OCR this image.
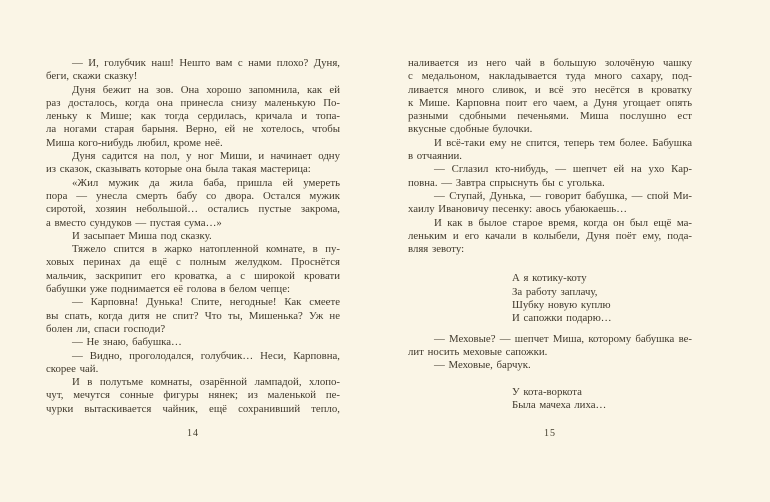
— И, голубчик наш! Нешто вам с нами плохо? Дуня,
беги, скажи сказку!
Дуня бежит на зов. Она хорошо запомнила, как ей
раз досталось, когда она принесла снизу маленькую По-
леньку к Мише; как тогда сердилась, кричала и топа-
ла ногами старая барыня. Верно, ей не хотелось, чтобы
Миша кого-нибудь любил, кроме неё.
Дуня садится на пол, у ног Миши, и начинает одну
из сказок, сказывать которые она была такая мастерица:
«Жил мужик да жила баба, пришла ей умереть
пора — унесла смерть бабу со двора. Остался мужик
сиротой, хозяин небольшой… остались пустые закрома,
а вместо сундуков — пустая сума…»
И засыпает Миша под сказку.
Тяжело спится в жарко натопленной комнате, в пу-
ховых перинах да ещё с полным желудком. Проснётся
мальчик, заскрипит его кроватка, а с широкой кровати
бабушки уже поднимается её голова в белом чепце:
— Карповна! Дунька! Спите, негодные! Как смеете
вы спать, когда дитя не спит? Что ты, Мишенька? Уж не
болен ли, спаси господи?
— Не знаю, бабушка…
— Видно, проголодался, голубчик… Неси, Карповна,
скорее чай.
И в полутьме комнаты, озарённой лампадой, хлопо-
чут, мечутся сонные фигуры нянек; из маленькой пе-
чурки вытаскивается чайник, ещё сохранивший тепло,
14
наливается из него чай в большую золочёную чашку
с медальоном, накладывается туда много сахару, под-
ливается много сливок, и всё это несётся в кроватку
к Мише. Карповна поит его чаем, а Дуня угощает опять
разными сдобными печеньями. Миша послушно ест
вкусные сдобные булочки.
И всё-таки ему не спится, теперь тем более. Бабушка
в отчаянии.
— Сглазил кто-нибудь, — шепчет ей на ухо Кар-
повна. — Завтра спрыснуть бы с уголька.
— Ступай, Дунька, — говорит бабушка, — спой Ми-
хаилу Ивановичу песенку: авось убаюкаешь…
И как в былое старое время, когда он был ещё ма-
леньким и его качали в колыбели, Дуня поёт ему, пода-
вляя зевоту:
А я котику-коту
За работу заплачу,
Шубку новую куплю
И сапожки подарю…
— Меховые? — шепчет Миша, которому бабушка ве-
лит носить меховые сапожки.
— Меховые, барчук.
У кота-воркота
Была мачеха лиха…
15
